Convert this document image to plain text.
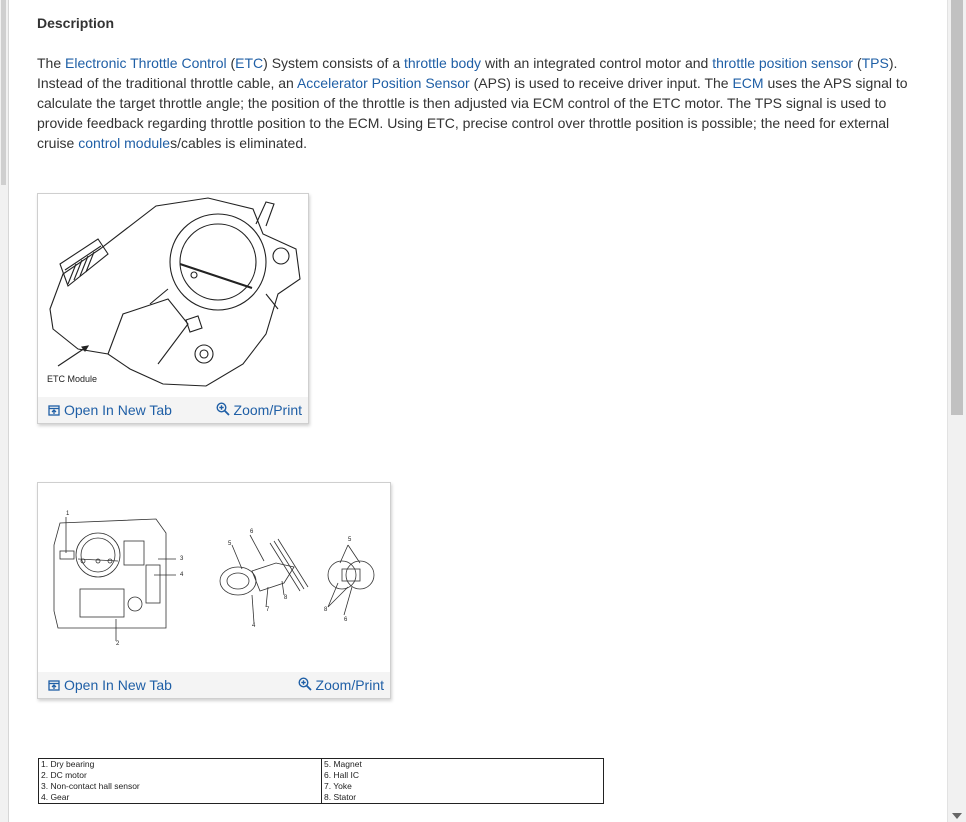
Description
The Electronic Throttle Control (ETC) System consists of a throttle body with an integrated control motor and throttle position sensor (TPS). Instead of the traditional throttle cable, an Accelerator Position Sensor (APS) is used to receive driver input. The ECM uses the APS signal to calculate the target throttle angle; the position of the throttle is then adjusted via ECM control of the ETC motor. The TPS signal is used to provide feedback regarding throttle position to the ECM. Using ETC, precise control over throttle position is possible; the need for external cruise control modules/cables is eliminated.
ETC Module
Open In New Tab	Zoom/Print
1
2
3
4
5
6
4
7
8
5
8
6
Open In New Tab	Zoom/Print
1. Dry bearing	5. Magnet
2. DC motor	6. Hall IC
3. Non-contact hall sensor	7. Yoke
4. Gear	8. Stator
